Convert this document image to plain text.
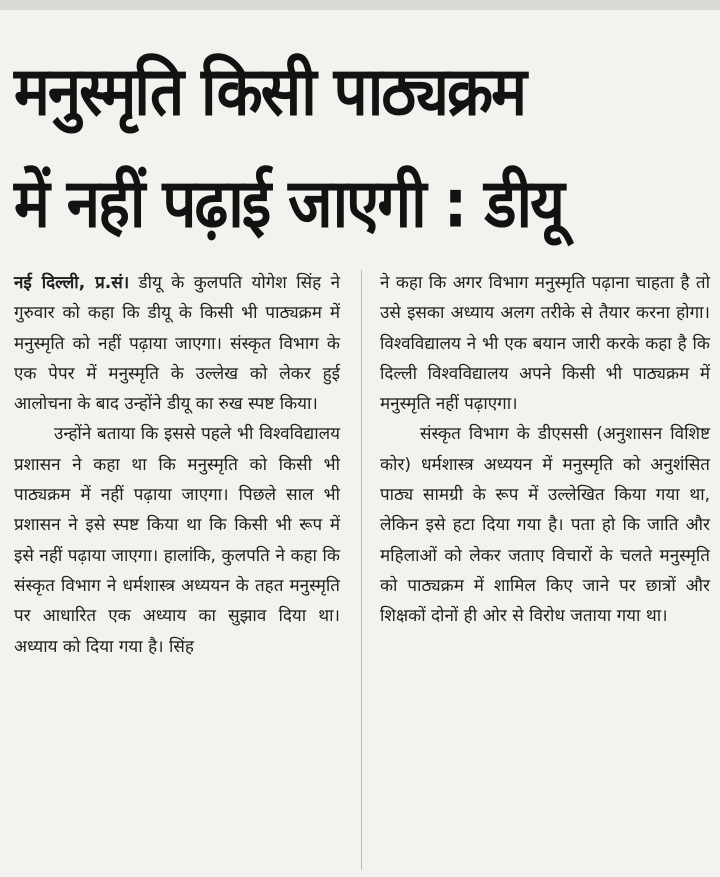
मनुस्मृति किसी पाठ्यक्रम
में नहीं पढ़ाई जाएगी : डीयू

नई दिल्ली, प्र.सं। डीयू के कुलपति योगेश सिंह ने गुरुवार को कहा कि डीयू के किसी भी पाठ्यक्रम में मनुस्मृति को नहीं पढ़ाया जाएगा। संस्कृत विभाग के एक पेपर में मनुस्मृति के उल्लेख को लेकर हुई आलोचना के बाद उन्होंने डीयू का रुख स्पष्ट किया।

उन्होंने बताया कि इससे पहले भी विश्वविद्यालय प्रशासन ने कहा था कि मनुस्मृति को किसी भी पाठ्यक्रम में नहीं पढ़ाया जाएगा। पिछले साल भी प्रशासन ने इसे स्पष्ट किया था कि किसी भी रूप में इसे नहीं पढ़ाया जाएगा। हालांकि, कुलपति ने कहा कि संस्कृत विभाग ने धर्मशास्त्र अध्ययन के तहत मनुस्मृति पर आधारित एक अध्याय का सुझाव दिया था। अध्याय को दिया गया है। सिंह

ने कहा कि अगर विभाग मनुस्मृति पढ़ाना चाहता है तो उसे इसका अध्याय अलग तरीके से तैयार करना होगा। विश्वविद्यालय ने भी एक बयान जारी करके कहा है कि दिल्ली विश्वविद्यालय अपने किसी भी पाठ्यक्रम में मनुस्मृति नहीं पढ़ाएगा।

संस्कृत विभाग के डीएससी (अनुशासन विशिष्ट कोर) धर्मशास्त्र अध्ययन में मनुस्मृति को अनुशंसित पाठ्य सामग्री के रूप में उल्लेखित किया गया था, लेकिन इसे हटा दिया गया है। पता हो कि जाति और महिलाओं को लेकर जताए विचारों के चलते मनुस्मृति को पाठ्यक्रम में शामिल किए जाने पर छात्रों और शिक्षकों दोनों ही ओर से विरोध जताया गया था।
